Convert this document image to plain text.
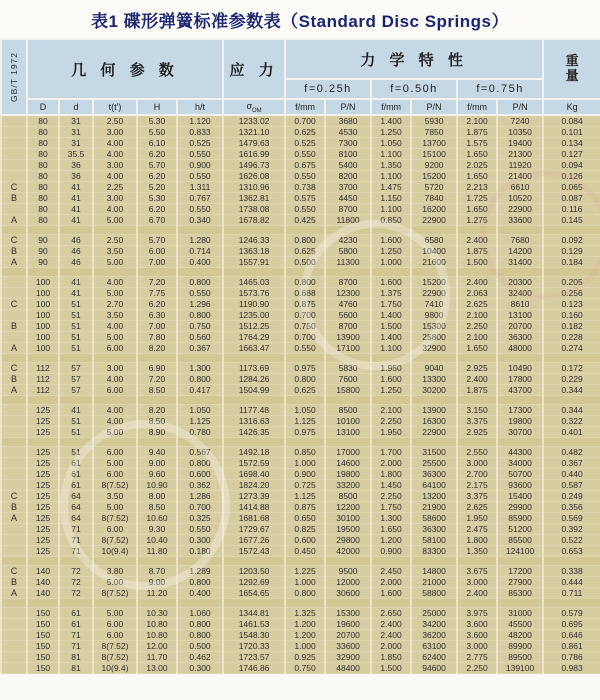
表1 碟形弹簧标准参数表（Standard Disc Springs）
GB/T 1972	几 何 参 数					应 力	力 学 特 性						重量

							f=0.25h		f=0.50h		f=0.75h		
	D	d	t(t')	H	h/t	$\sigma_{OM}$	f/mm	P/N	f/mm	P/N	f/mm	P/N	Kg
	80	31	2.50	5.30	1.120	1233.02	0.700	3680	1.400	5930	2.100	7240	0.084
	80	31	3.00	5.50	0.833	1321.10	0.625	4530	1.250	7850	1.875	10350	0.101
	80	31	4.00	6.10	0.525	1479.63	0.525	7300	1.050	13700	1.575	19400	0.134
	80	35.5	4.00	6.20	0.550	1616.99	0.550	8100	1.100	15100	1.650	21300	0.127
	80	36	3.00	5.70	0.900	1496.73	0.675	5400	1.350	9200	2.025	11920	0.094
	80	36	4.00	6.20	0.550	1626.08	0.550	8200	1.100	15200	1.650	21400	0.126
C	80	41	2.25	5.20	1.311	1310.96	0.738	3700	1.475	5720	2.213	6610	0.065
B	80	41	3.00	5.30	0.767	1362.81	0.575	4450	1.150	7840	1.725	10520	0.087
	80	41	4.00	6.20	0.550	1738.08	0.550	8700	1.100	16200	1.650	22900	0.116
A	80	41	5.00	6.70	0.340	1678.82	0.425	11800	0.850	22900	1.275	33600	0.145

C	90	46	2.50	5.70	1.280	1246.33	0.800	4230	1.600	6580	2.400	7680	0.092
B	90	46	3.50	6.00	0.714	1363.18	0.625	5800	1.250	10400	1.875	14200	0.129
A	90	46	5.00	7.00	0.400	1557.91	0.500	11300	1.000	21600	1.500	31400	0.184

	100	41	4.00	7.20	0.800	1465.03	0.800	8700	1.600	15200	2.400	20300	0.205
	100	41	5.00	7.75	0.550	1573.76	0.688	12300	1.375	22900	2.063	32400	0.256
C	100	51	2.70	6.20	1.296	1190.90	0.875	4760	1.750	7410	2.625	8610	0.123
	100	51	3.50	6.30	0.800	1235.00	0.700	5600	1.400	9800	2.100	13100	0.160
B	100	51	4.00	7.00	0.750	1512.25	0.750	8700	1.500	15300	2.250	20700	0.182
	100	51	5.00	7.80	0.560	1764.29	0.700	13900	1.400	25800	2.100	36300	0.228
A	100	51	6.00	8.20	0.367	1663.47	0.550	17100	1.100	32900	1.650	48000	0.274

C	112	57	3.00	6.90	1.300	1173.69	0.975	5830	1.950	9040	2.925	10490	0.172
B	112	57	4.00	7.20	0.800	1284.26	0.800	7600	1.600	13300	2.400	17800	0.229
A	112	57	6.00	8.50	0.417	1504.99	0.625	15800	1.250	30200	1.875	43700	0.344

	125	41	4.00	8.20	1.050	1177.48	1.050	8500	2.100	13900	3.150	17300	0.344
	125	51	4.00	8.50	1.125	1316.63	1.125	10100	2.250	16300	3.375	19800	0.322
	125	51	5.00	8.90	0.780	1426.35	0.975	13100	1.950	22900	2.925	30700	0.401

	125	51	6.00	9.40	0.567	1492.18	0.850	17000	1.700	31500	2.550	44300	0.482
	125	61	5.00	9.00	0.800	1572.59	1.000	14600	2.000	25500	3.000	34000	0.367
	125	61	6.00	9.60	0.600	1698.40	0.900	19800	1.800	36300	2.700	50700	0.440
	125	61	8(7.52)	10.90	0.362	1824.20	0.725	33200	1.450	64100	2.175	93600	0.587
C	125	64	3.50	8.00	1.286	1273.39	1.125	8500	2.250	13200	3.375	15400	0.249
B	125	64	5.00	8.50	0.700	1414.88	0.875	12200	1.750	21900	2.625	29900	0.356
A	125	64	8(7.52)	10.60	0.325	1681.68	0.650	30100	1.300	58600	1.950	85900	0.569
	125	71	6.00	9.30	0.550	1729.67	0.825	19500	1.650	36300	2.475	51200	0.392
	125	71	8(7.52)	10.40	0.300	1677.26	0.600	29800	1.200	58100	1.800	85500	0.522
	125	71	10(9.4)	11.80	0.180	1572.43	0.450	42000	0.900	83300	1.350	124100	0.653

C	140	72	3.80	8.70	1.289	1203.50	1.225	9500	2.450	14800	3.675	17200	0.338
B	140	72	5.00	9.00	0.800	1292.69	1.000	12000	2.000	21000	3.000	27900	0.444
A	140	72	8(7.52)	11.20	0.400	1654.65	0.800	30600	1.600	58800	2.400	85300	0.711

	150	61	5.00	10.30	1.060	1344.81	1.325	15300	2.650	25000	3.975	31000	0.579
	150	61	6.00	10.80	0.800	1461.53	1.200	19600	2.400	34200	3.600	45500	0.695
	150	71	6.00	10.80	0.800	1548.30	1.200	20700	2.400	36200	3.600	48200	0.646
	150	71	8(7.52)	12.00	0.500	1720.33	1.000	33600	2.000	63100	3.000	89900	0.861
	150	81	8(7.52)	11.70	0.462	1723.57	0.925	32900	1.850	62400	2.775	89500	0.786
	150	81	10(9.4)	13.00	0.300	1746.86	0.750	48400	1.500	94600	2.250	139100	0.983
